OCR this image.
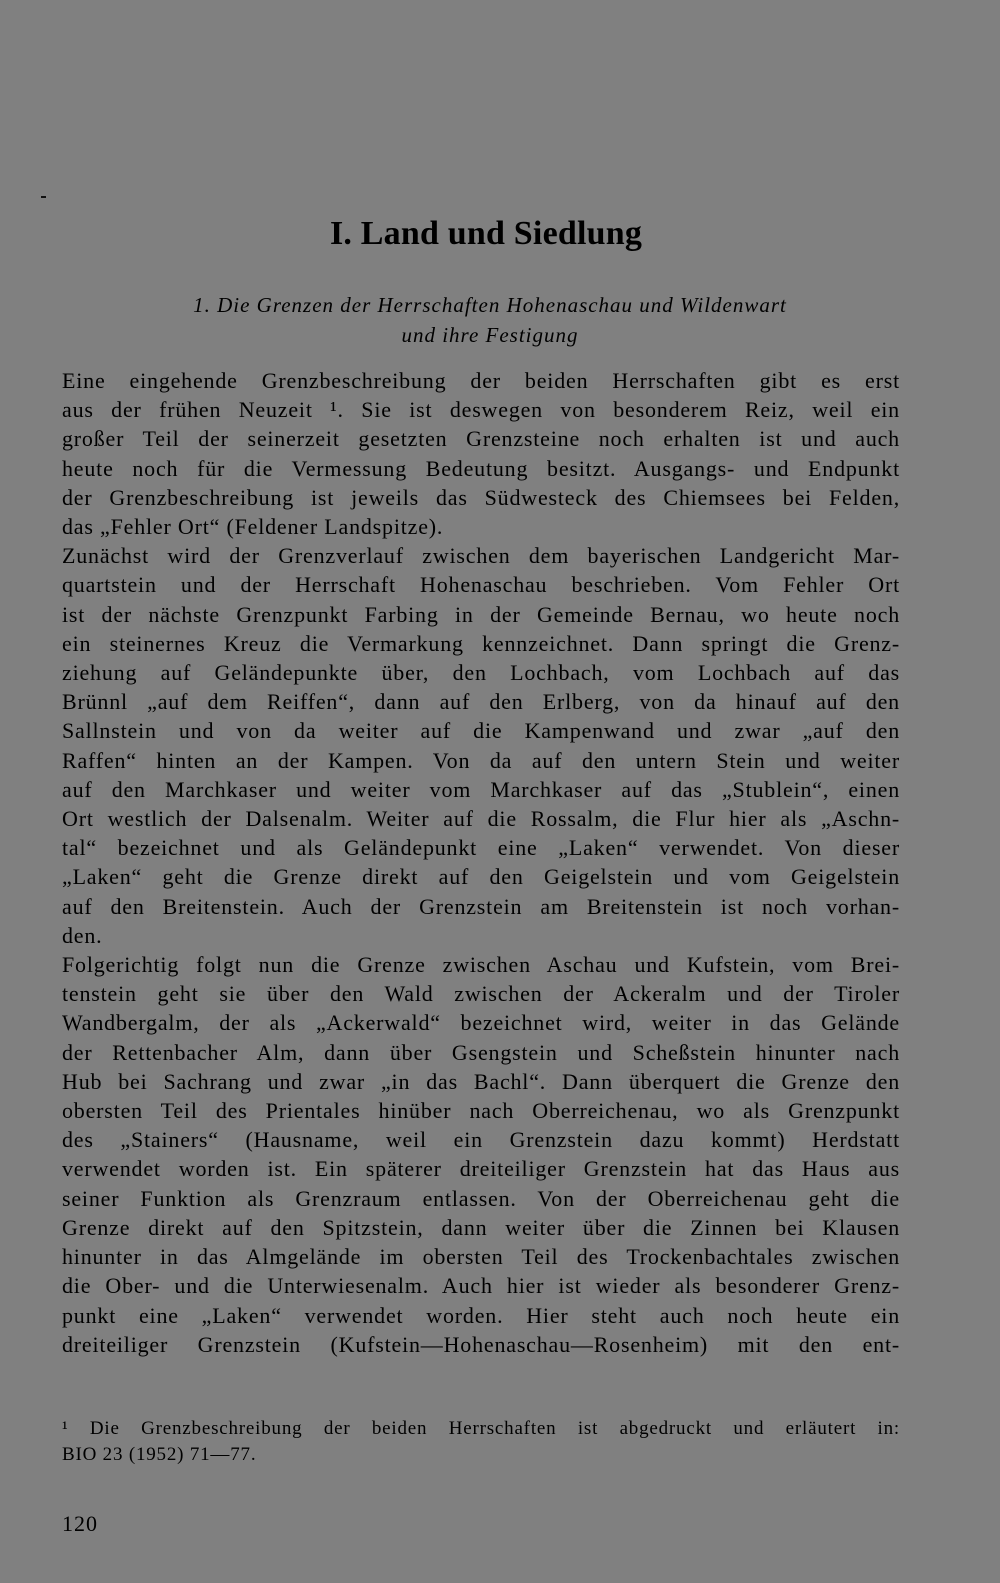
I. Land und Siedlung
1. Die Grenzen der Herrschaften Hohenaschau und Wildenwart
und ihre Festigung

Eine eingehende Grenzbeschreibung der beiden Herrschaften gibt es erst
aus der frühen Neuzeit ¹. Sie ist deswegen von besonderem Reiz, weil ein
großer Teil der seinerzeit gesetzten Grenzsteine noch erhalten ist und auch
heute noch für die Vermessung Bedeutung besitzt. Ausgangs- und Endpunkt
der Grenzbeschreibung ist jeweils das Südwesteck des Chiemsees bei Felden,
das „Fehler Ort“ (Feldener Landspitze).

Zunächst wird der Grenzverlauf zwischen dem bayerischen Landgericht Mar-
quartstein und der Herrschaft Hohenaschau beschrieben. Vom Fehler Ort
ist der nächste Grenzpunkt Farbing in der Gemeinde Bernau, wo heute noch
ein steinernes Kreuz die Vermarkung kennzeichnet. Dann springt die Grenz-
ziehung auf Geländepunkte über, den Lochbach, vom Lochbach auf das
Brünnl „auf dem Reiffen“, dann auf den Erlberg, von da hinauf auf den
Sallnstein und von da weiter auf die Kampenwand und zwar „auf den
Raffen“ hinten an der Kampen. Von da auf den untern Stein und weiter
auf den Marchkaser und weiter vom Marchkaser auf das „Stublein“, einen
Ort westlich der Dalsenalm. Weiter auf die Rossalm, die Flur hier als „Aschn-
tal“ bezeichnet und als Geländepunkt eine „Laken“ verwendet. Von dieser
„Laken“ geht die Grenze direkt auf den Geigelstein und vom Geigelstein
auf den Breitenstein. Auch der Grenzstein am Breitenstein ist noch vorhan-
den.

Folgerichtig folgt nun die Grenze zwischen Aschau und Kufstein, vom Brei-
tenstein geht sie über den Wald zwischen der Ackeralm und der Tiroler
Wandbergalm, der als „Ackerwald“ bezeichnet wird, weiter in das Gelände
der Rettenbacher Alm, dann über Gsengstein und Scheßstein hinunter nach
Hub bei Sachrang und zwar „in das Bachl“. Dann überquert die Grenze den
obersten Teil des Prientales hinüber nach Oberreichenau, wo als Grenzpunkt
des „Stainers“ (Hausname, weil ein Grenzstein dazu kommt) Herdstatt
verwendet worden ist. Ein späterer dreiteiliger Grenzstein hat das Haus aus
seiner Funktion als Grenzraum entlassen. Von der Oberreichenau geht die
Grenze direkt auf den Spitzstein, dann weiter über die Zinnen bei Klausen
hinunter in das Almgelände im obersten Teil des Trockenbachtales zwischen
die Ober- und die Unterwiesenalm. Auch hier ist wieder als besonderer Grenz-
punkt eine „Laken“ verwendet worden. Hier steht auch noch heute ein
dreiteiliger Grenzstein (Kufstein—Hohenaschau—Rosenheim) mit den ent-

¹ Die Grenzbeschreibung der beiden Herrschaften ist abgedruckt und erläutert in:
BIO 23 (1952) 71—77.
120
